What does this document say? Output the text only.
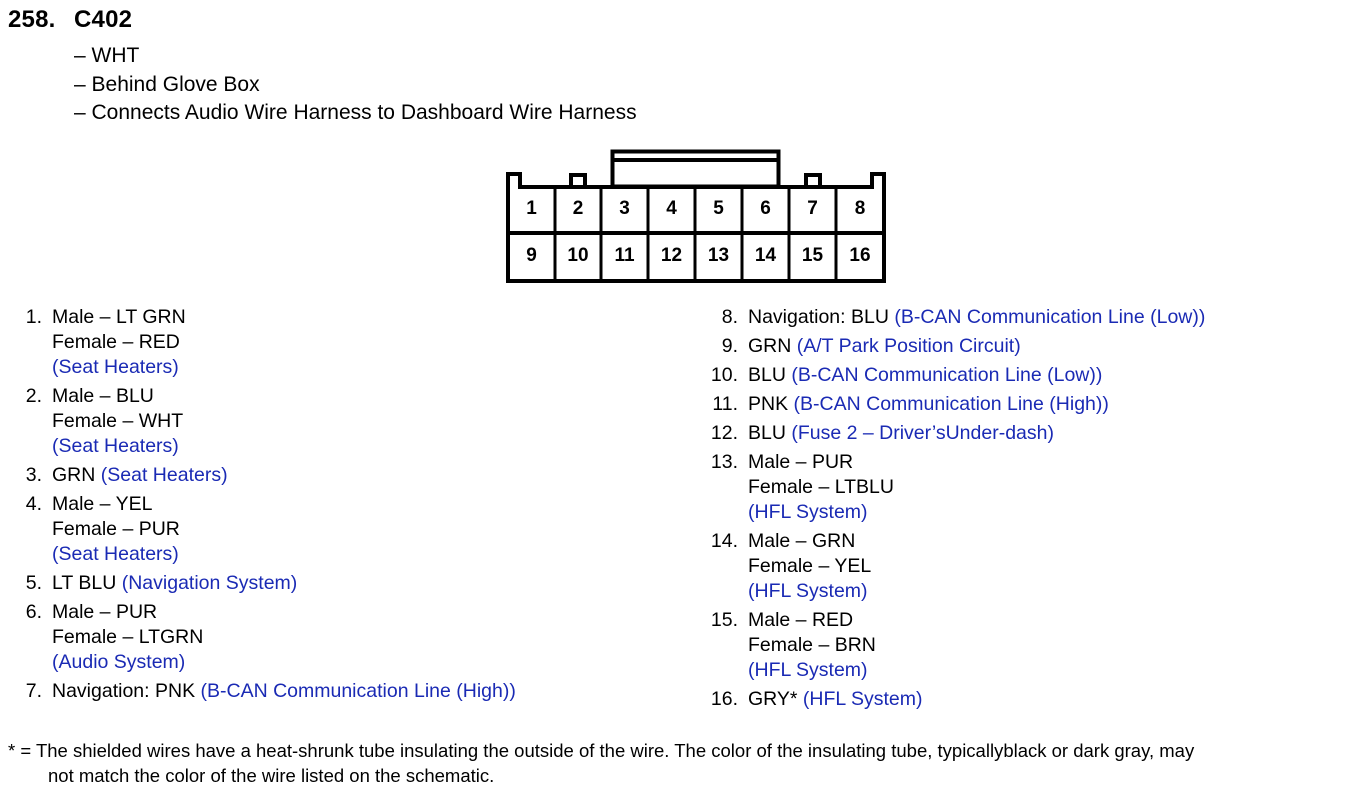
258. C402
– WHT
– Behind Glove Box
– Connects Audio Wire Harness to Dashboard Wire Harness
1	2	3	4	5	6	7	8
9	10	11	12	13	14	15	16
1. Male – LT GRN
Female – RED
(Seat Heaters)
2. Male – BLU
Female – WHT
(Seat Heaters)
3. GRN (Seat Heaters)
4. Male – YEL
Female – PUR
(Seat Heaters)
5. LT BLU (Navigation System)
6. Male – PUR
Female – LTGRN
(Audio System)
7. Navigation: PNK (B-CAN Communication Line (High))
8. Navigation: BLU (B-CAN Communication Line (Low))
9. GRN (A/T Park Position Circuit)
10. BLU (B-CAN Communication Line (Low))
11. PNK (B-CAN Communication Line (High))
12. BLU (Fuse 2 – Driver’sUnder-dash)
13. Male – PUR
Female – LTBLU
(HFL System)
14. Male – GRN
Female – YEL
(HFL System)
15. Male – RED
Female – BRN
(HFL System)
16. GRY* (HFL System)
* = The shielded wires have a heat-shrunk tube insulating the outside of the wire. The color of the insulating tube, typicallyblack or dark gray, may
not match the color of the wire listed on the schematic.
